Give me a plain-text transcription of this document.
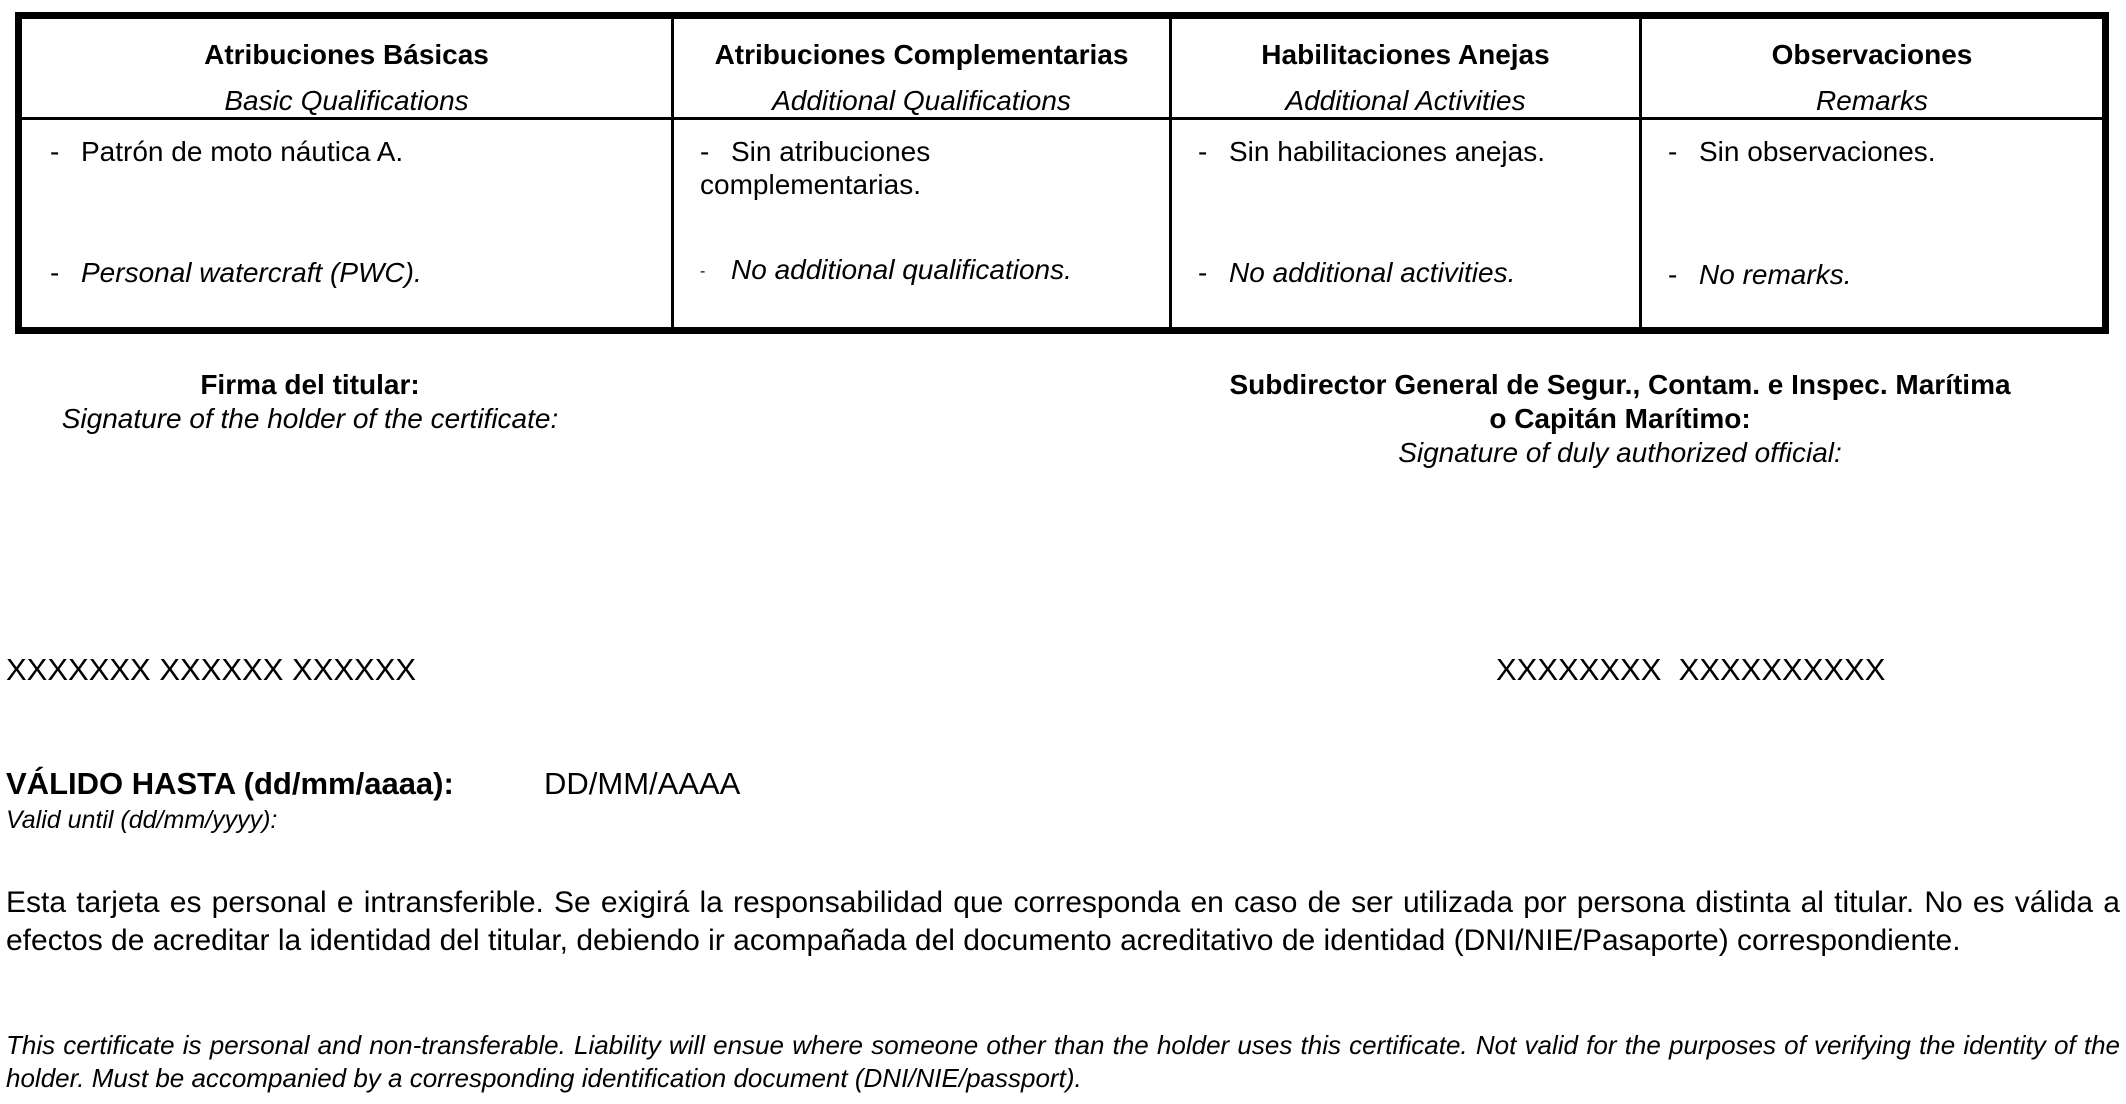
Atribuciones Básicas
Basic Qualifications
Atribuciones Complementarias
Additional Qualifications
Habilitaciones Anejas
Additional Activities
Observaciones
Remarks
- Patrón de moto náutica A.
- Personal watercraft (PWC).
- Sin atribuciones
complementarias.
- No additional qualifications.
- Sin habilitaciones anejas.
- No additional activities.
- Sin observaciones.
- No remarks.
Firma del titular:
Signature of the holder of the certificate:
Subdirector General de Segur., Contam. e Inspec. Marítima
o Capitán Marítimo:
Signature of duly authorized official:
XXXXXXX XXXXXX XXXXXX	XXXXXXXX  XXXXXXXXXX
VÁLIDO HASTA (dd/mm/aaaa):	DD/MM/AAAA
Valid until (dd/mm/yyyy):
Esta tarjeta es personal e intransferible. Se exigirá la responsabilidad que corresponda en caso de ser utilizada por persona distinta al titular. No es válida a efectos de acreditar la identidad del titular, debiendo ir acompañada del documento acreditativo de identidad (DNI/NIE/Pasaporte) correspondiente.
This certificate is personal and non-transferable. Liability will ensue where someone other than the holder uses this certificate. Not valid for the purposes of verifying the identity of the holder. Must be accompanied by a corresponding identification document (DNI/NIE/passport).
